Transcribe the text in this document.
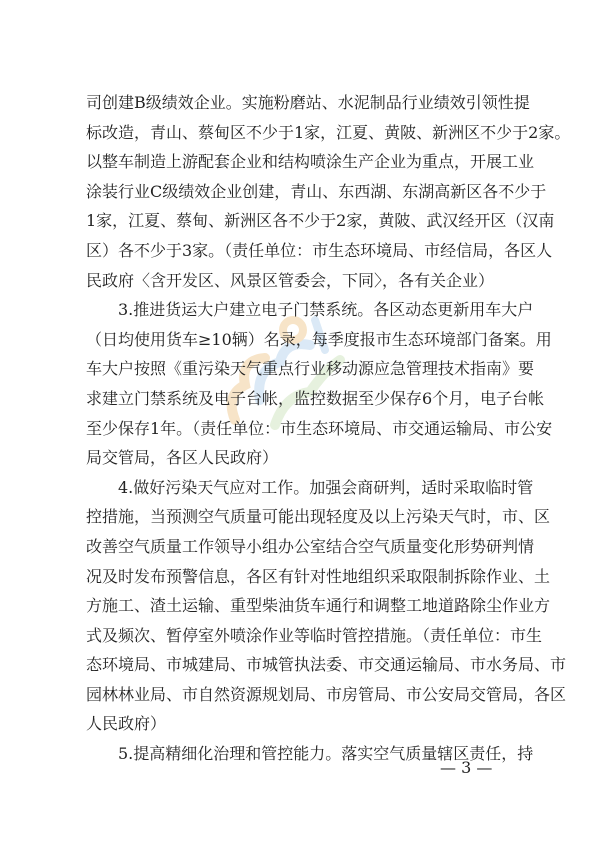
司创建B级绩效企业。实施粉磨站、水泥制品行业绩效引领性提
标改造，青山、蔡甸区不少于1家，江夏、黄陂、新洲区不少于2家。
以整车制造上游配套企业和结构喷涂生产企业为重点，开展工业
涂装行业C级绩效企业创建，青山、东西湖、东湖高新区各不少于
1家，江夏、蔡甸、新洲区各不少于2家，黄陂、武汉经开区（汉南
区）各不少于3家。（责任单位：市生态环境局、市经信局，各区人
民政府〈含开发区、风景区管委会，下同〉，各有关企业）
3.推进货运大户建立电子门禁系统。各区动态更新用车大户
（日均使用货车≥10辆）名录，每季度报市生态环境部门备案。用
车大户按照《重污染天气重点行业移动源应急管理技术指南》要
求建立门禁系统及电子台帐，监控数据至少保存6个月，电子台帐
至少保存1年。（责任单位：市生态环境局、市交通运输局、市公安
局交管局，各区人民政府）
4.做好污染天气应对工作。加强会商研判，适时采取临时管
控措施，当预测空气质量可能出现轻度及以上污染天气时，市、区
改善空气质量工作领导小组办公室结合空气质量变化形势研判情
况及时发布预警信息，各区有针对性地组织采取限制拆除作业、土
方施工、渣土运输、重型柴油货车通行和调整工地道路除尘作业方
式及频次、暂停室外喷涂作业等临时管控措施。（责任单位：市生
态环境局、市城建局、市城管执法委、市交通运输局、市水务局、市
园林林业局、市自然资源规划局、市房管局、市公安局交管局，各区
人民政府）
5.提高精细化治理和管控能力。落实空气质量辖区责任，持
— 3 —
